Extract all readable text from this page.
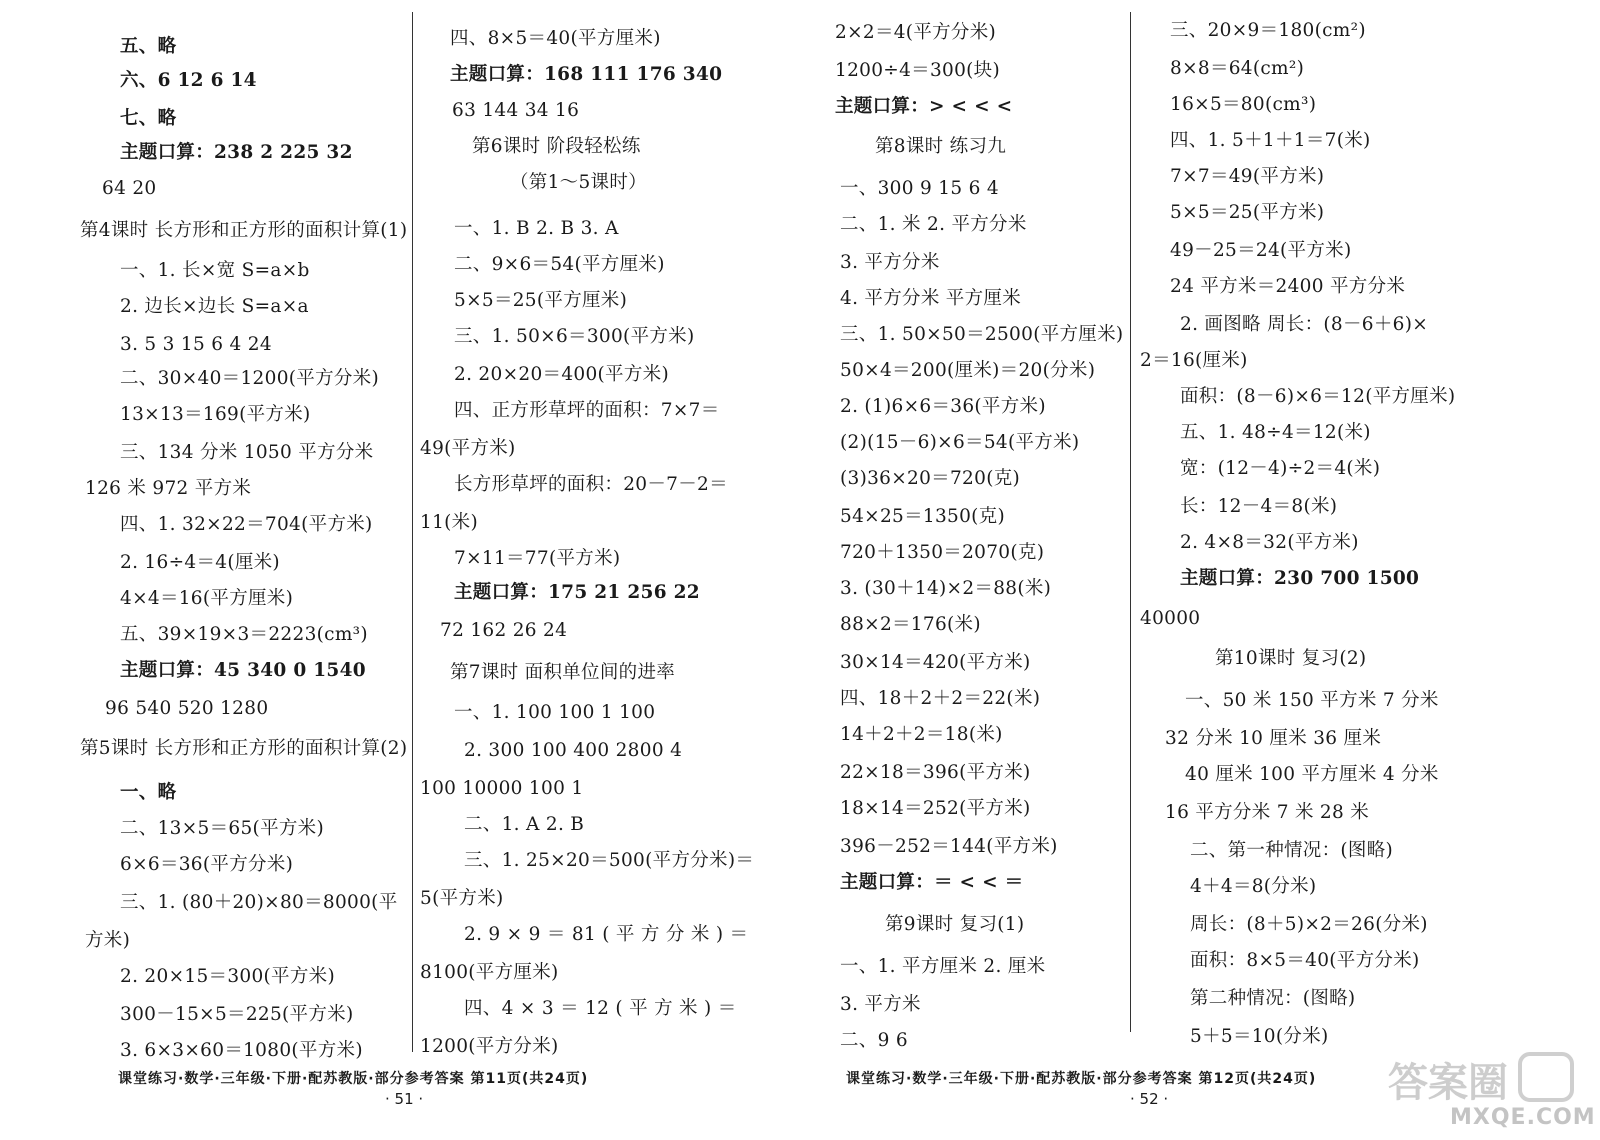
五、略
六、6 12 6 14
七、略
主题口算：238 2 225 32
64 20
第4课时 长方形和正方形的面积计算(1)
一、1. 长×宽 S=a×b
2. 边长×边长 S=a×a
3. 5 3 15 6 4 24
二、30×40＝1200(平方分米)
13×13＝169(平方米)
三、134 分米 1050 平方分米
126 米 972 平方米
四、1. 32×22＝704(平方米)
2. 16÷4＝4(厘米)
4×4＝16(平方厘米)
五、39×19×3＝2223(cm³)
主题口算：45 340 0 1540
96 540 520 1280
第5课时 长方形和正方形的面积计算(2)
一、略
二、13×5＝65(平方米)
6×6＝36(平方分米)
三、1. (80＋20)×80＝8000(平
方米)
2. 20×15＝300(平方米)
300－15×5＝225(平方米)
3. 6×3×60＝1080(平方米)
四、8×5＝40(平方厘米)
主题口算：168 111 176 340
63 144 34 16
第6课时 阶段轻松练
（第1～5课时）
一、1. B 2. B 3. A
二、9×6＝54(平方厘米)
5×5＝25(平方厘米)
三、1. 50×6＝300(平方米)
2. 20×20＝400(平方米)
四、正方形草坪的面积：7×7＝
49(平方米)
长方形草坪的面积：20－7－2＝
11(米)
7×11＝77(平方米)
主题口算：175 21 256 22
72 162 26 24
第7课时 面积单位间的进率
一、1. 100 100 1 100
2. 300 100 400 2800 4
100 10000 100 1
二、1. A 2. B
三、1. 25×20＝500(平方分米)＝
5(平方米)
2. 9 × 9 ＝ 81 ( 平 方 分 米 ) ＝
8100(平方厘米)
四、4 × 3 ＝ 12 ( 平 方 米 ) ＝
1200(平方分米)
课堂练习·数学·三年级·下册·配苏教版·部分参考答案 第11页(共24页)
· 51 ·
2×2＝4(平方分米)
1200÷4＝300(块)
主题口算：> < < <
第8课时 练习九
一、300 9 15 6 4
二、1. 米 2. 平方分米
3. 平方分米
4. 平方分米 平方厘米
三、1. 50×50＝2500(平方厘米)
50×4＝200(厘米)＝20(分米)
2. (1)6×6＝36(平方米)
(2)(15－6)×6＝54(平方米)
(3)36×20＝720(克)
54×25＝1350(克)
720＋1350＝2070(克)
3. (30＋14)×2＝88(米)
88×2＝176(米)
30×14＝420(平方米)
四、18＋2＋2＝22(米)
14＋2＋2＝18(米)
22×18＝396(平方米)
18×14＝252(平方米)
396－252＝144(平方米)
主题口算：＝ < < ＝
第9课时 复习(1)
一、1. 平方厘米 2. 厘米
3. 平方米
二、9 6
三、20×9＝180(cm²)
8×8＝64(cm²)
16×5＝80(cm³)
四、1. 5＋1＋1＝7(米)
7×7＝49(平方米)
5×5＝25(平方米)
49－25＝24(平方米)
24 平方米＝2400 平方分米
2. 画图略 周长：(8－6＋6)×
2＝16(厘米)
面积：(8－6)×6＝12(平方厘米)
五、1. 48÷4＝12(米)
宽：(12－4)÷2＝4(米)
长：12－4＝8(米)
2. 4×8＝32(平方米)
主题口算：230 700 1500
40000
第10课时 复习(2)
一、50 米 150 平方米 7 分米
32 分米 10 厘米 36 厘米
40 厘米 100 平方厘米 4 分米
16 平方分米 7 米 28 米
二、第一种情况：(图略)
4＋4＝8(分米)
周长：(8＋5)×2＝26(分米)
面积：8×5＝40(平方分米)
第二种情况：(图略)
5＋5＝10(分米)
课堂练习·数学·三年级·下册·配苏教版·部分参考答案 第12页(共24页)
· 52 ·	答案圈
MXQE.COM
